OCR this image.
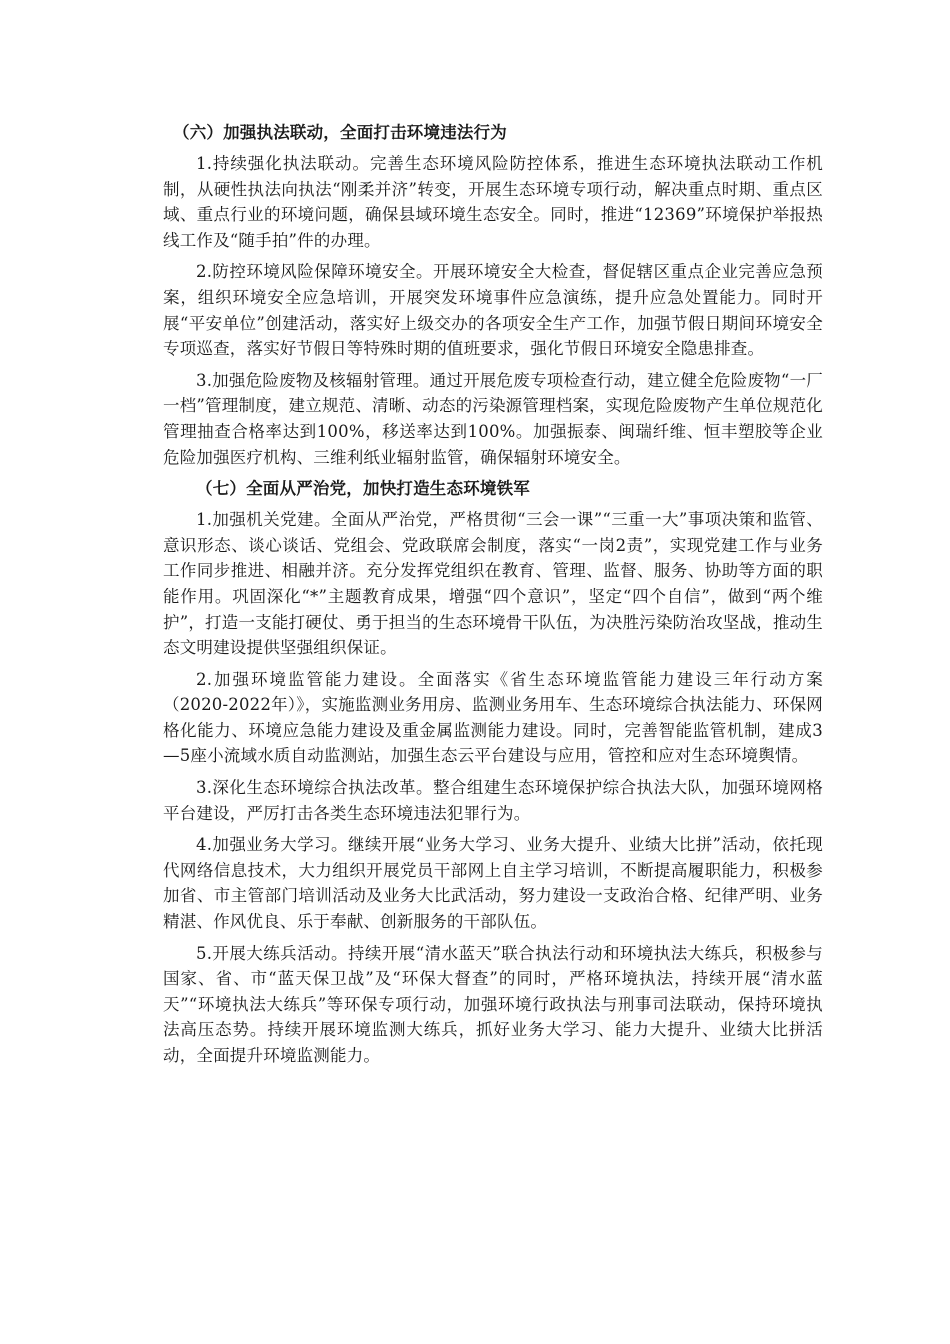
（六）加强执法联动，全面打击环境违法行为

1.持续强化执法联动。完善生态环境风险防控体系，推进生态环境执法联动工作机制，从硬性执法向执法“刚柔并济”转变，开展生态环境专项行动，解决重点时期、重点区域、重点行业的环境问题，确保县域环境生态安全。同时，推进“12369”环境保护举报热线工作及“随手拍”件的办理。

2.防控环境风险保障环境安全。开展环境安全大检查，督促辖区重点企业完善应急预案，组织环境安全应急培训，开展突发环境事件应急演练，提升应急处置能力。同时开展“平安单位”创建活动，落实好上级交办的各项安全生产工作，加强节假日期间环境安全专项巡查，落实好节假日等特殊时期的值班要求，强化节假日环境安全隐患排查。

3.加强危险废物及核辐射管理。通过开展危废专项检查行动，建立健全危险废物“一厂一档”管理制度，建立规范、清晰、动态的污染源管理档案，实现危险废物产生单位规范化管理抽查合格率达到100%，移送率达到100%。加强振泰、闽瑞纤维、恒丰塑胶等企业危险加强医疗机构、三维利纸业辐射监管，确保辐射环境安全。

（七）全面从严治党，加快打造生态环境铁军

1.加强机关党建。全面从严治党，严格贯彻“三会一课”“三重一大”事项决策和监管、意识形态、谈心谈话、党组会、党政联席会制度，落实“一岗2责”，实现党建工作与业务工作同步推进、相融并济。充分发挥党组织在教育、管理、监督、服务、协助等方面的职能作用。巩固深化“*”主题教育成果，增强“四个意识”，坚定“四个自信”，做到“两个维护”，打造一支能打硬仗、勇于担当的生态环境骨干队伍，为决胜污染防治攻坚战，推动生态文明建设提供坚强组织保证。

2.加强环境监管能力建设。全面落实《省生态环境监管能力建设三年行动方案（2020-2022年）》，实施监测业务用房、监测业务用车、生态环境综合执法能力、环保网格化能力、环境应急能力建设及重金属监测能力建设。同时，完善智能监管机制，建成3—5座小流域水质自动监测站，加强生态云平台建设与应用，管控和应对生态环境舆情。

3.深化生态环境综合执法改革。整合组建生态环境保护综合执法大队，加强环境网格平台建设，严厉打击各类生态环境违法犯罪行为。

4.加强业务大学习。继续开展“业务大学习、业务大提升、业绩大比拼”活动，依托现代网络信息技术，大力组织开展党员干部网上自主学习培训，不断提高履职能力，积极参加省、市主管部门培训活动及业务大比武活动，努力建设一支政治合格、纪律严明、业务精湛、作风优良、乐于奉献、创新服务的干部队伍。

5.开展大练兵活动。持续开展“清水蓝天”联合执法行动和环境执法大练兵，积极参与国家、省、市“蓝天保卫战”及“环保大督查”的同时，严格环境执法，持续开展“清水蓝天”“环境执法大练兵”等环保专项行动，加强环境行政执法与刑事司法联动，保持环境执法高压态势。持续开展环境监测大练兵，抓好业务大学习、能力大提升、业绩大比拼活动，全面提升环境监测能力。
